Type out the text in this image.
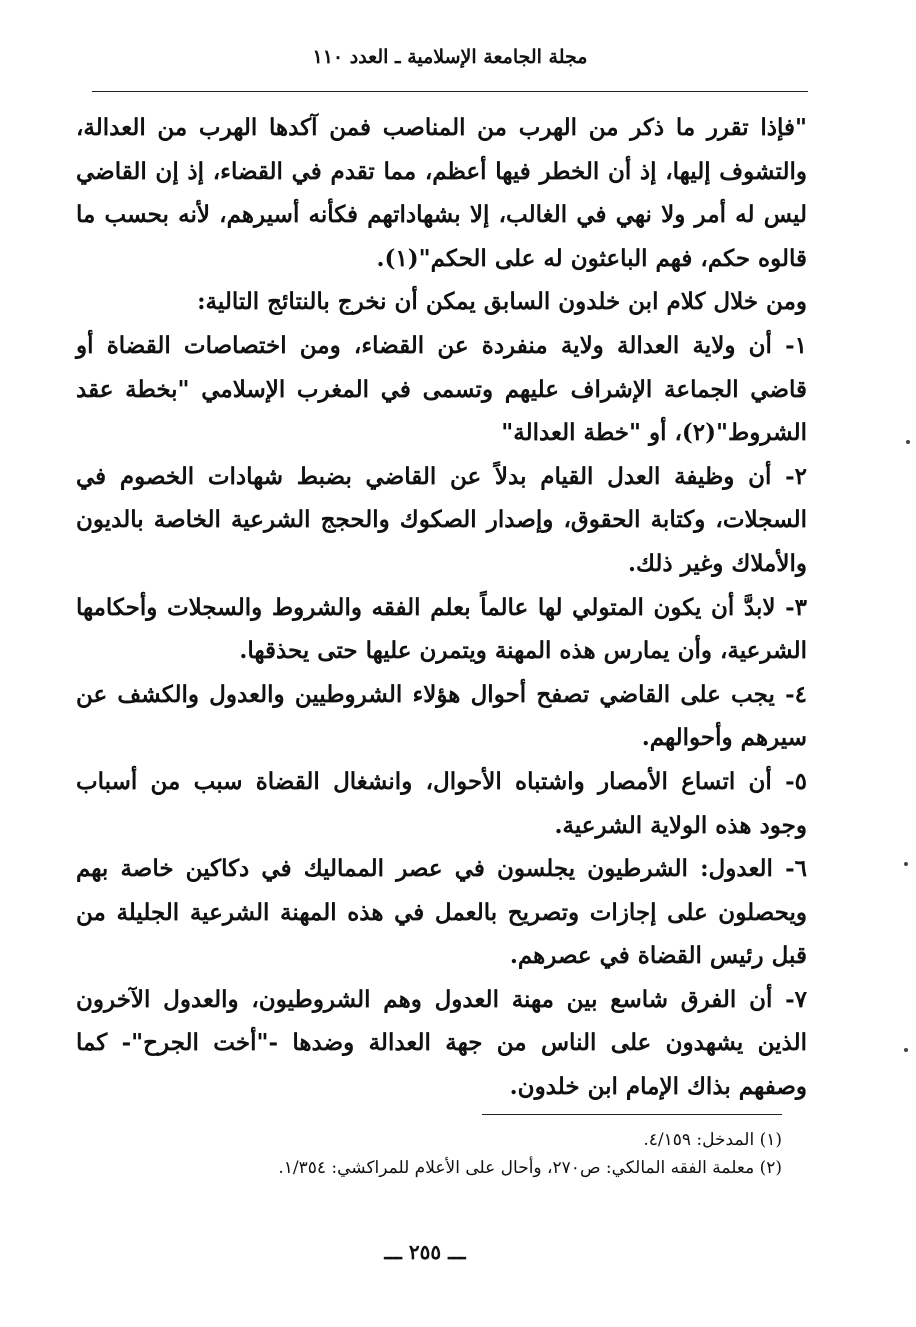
مجلة الجامعة الإسلامية ـ العدد ١١٠

"فإذا تقرر ما ذكر من الهرب من المناصب فمن آكدها الهرب من العدالة، والتشوف إليها، إذ أن الخطر فيها أعظم، مما تقدم في القضاء، إذ إن القاضي ليس له أمر ولا نهي في الغالب، إلا بشهاداتهم فكأنه أسيرهم، لأنه بحسب ما قالوه حكم، فهم الباعثون له على الحكم"(١).

ومن خلال كلام ابن خلدون السابق يمكن أن نخرج بالنتائج التالية:

١- أن ولاية العدالة ولاية منفردة عن القضاء، ومن اختصاصات القضاة أو قاضي الجماعة الإشراف عليهم وتسمى في المغرب الإسلامي "بخطة عقد الشروط"(٢)، أو "خطة العدالة"

٢- أن وظيفة العدل القيام بدلاً عن القاضي بضبط شهادات الخصوم في السجلات، وكتابة الحقوق، وإصدار الصكوك والحجج الشرعية الخاصة بالديون والأملاك وغير ذلك.

٣- لابدَّ أن يكون المتولي لها عالماً بعلم الفقه والشروط والسجلات وأحكامها الشرعية، وأن يمارس هذه المهنة ويتمرن عليها حتى يحذقها.

٤- يجب على القاضي تصفح أحوال هؤلاء الشروطيين والعدول والكشف عن سيرهم وأحوالهم.

٥- أن اتساع الأمصار واشتباه الأحوال، وانشغال القضاة سبب من أسباب وجود هذه الولاية الشرعية.

٦- العدول: الشرطيون يجلسون في عصر المماليك في دكاكين خاصة بهم ويحصلون على إجازات وتصريح بالعمل في هذه المهنة الشرعية الجليلة من قبل رئيس القضاة في عصرهم.

٧- أن الفرق شاسع بين مهنة العدول وهم الشروطيون، والعدول الآخرون الذين يشهدون على الناس من جهة العدالة وضدها -"أخت الجرح"- كما وصفهم بذاك الإمام ابن خلدون.

(١) المدخل: ٤/١٥٩.

(٢) معلمة الفقه المالكي: ص٢٧٠، وأحال على الأعلام للمراكشي: ١/٣٥٤.

ـــ ٢٥٥ ـــ
